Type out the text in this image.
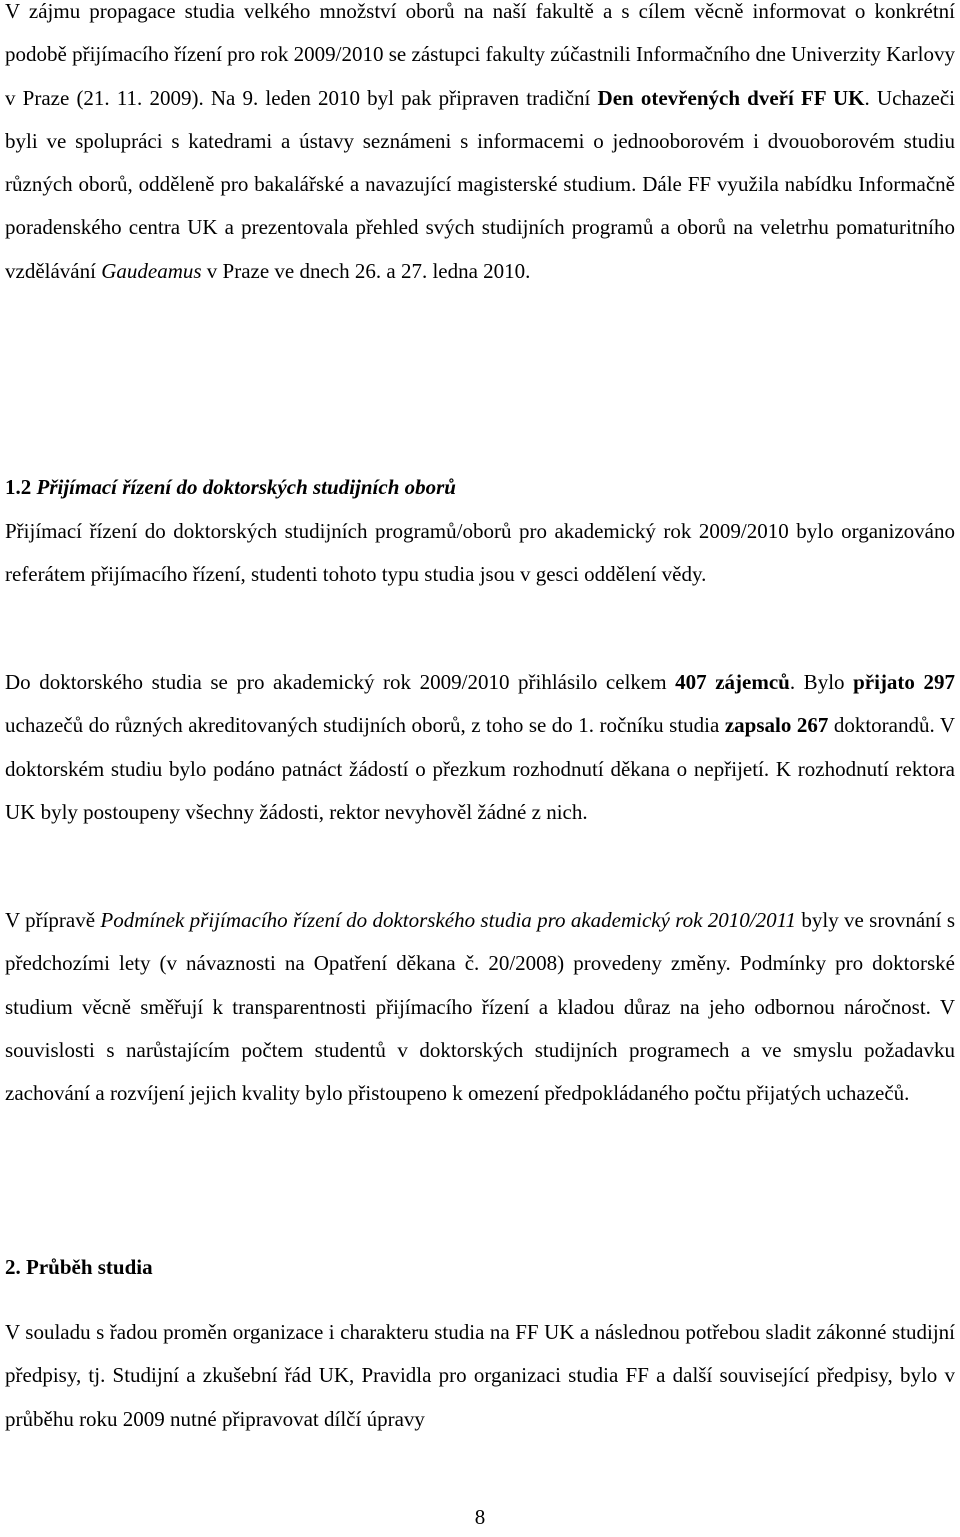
V zájmu propagace studia velkého množství oborů na naší fakultě a s cílem věcně informovat o konkrétní podobě přijímacího řízení pro rok 2009/2010 se zástupci fakulty zúčastnili Informačního dne Univerzity Karlovy v Praze (21. 11. 2009). Na 9. leden 2010 byl pak připraven tradiční Den otevřených dveří FF UK. Uchazeči byli ve spolupráci s katedrami a ústavy seznámeni s informacemi o jednooborovém i dvouoborovém studiu různých oborů, odděleně pro bakalářské a navazující magisterské studium. Dále FF využila nabídku Informačně poradenského centra UK a prezentovala přehled svých studijních programů a oborů na veletrhu pomaturitního vzdělávání Gaudeamus v Praze ve dnech 26. a 27. ledna 2010.

1.2 Přijímací řízení do doktorských studijních oborů

Přijímací řízení do doktorských studijních programů/oborů pro akademický rok 2009/2010 bylo organizováno referátem přijímacího řízení, studenti tohoto typu studia jsou v gesci oddělení vědy.

Do doktorského studia se pro akademický rok 2009/2010 přihlásilo celkem 407 zájemců. Bylo přijato 297 uchazečů do různých akreditovaných studijních oborů, z toho se do 1. ročníku studia zapsalo 267 doktorandů. V doktorském studiu bylo podáno patnáct žádostí o přezkum rozhodnutí děkana o nepřijetí. K rozhodnutí rektora UK byly postoupeny všechny žádosti, rektor nevyhověl žádné z nich.

V přípravě Podmínek přijímacího řízení do doktorského studia pro akademický rok 2010/2011 byly ve srovnání s předchozími lety (v návaznosti na Opatření děkana č. 20/2008) provedeny změny. Podmínky pro doktorské studium věcně směřují k transparentnosti přijímacího řízení a kladou důraz na jeho odbornou náročnost. V souvislosti s narůstajícím počtem studentů v doktorských studijních programech a ve smyslu požadavku zachování a rozvíjení jejich kvality bylo přistoupeno k omezení předpokládaného počtu přijatých uchazečů.

2. Průběh studia

V souladu s řadou proměn organizace i charakteru studia na FF UK a následnou potřebou sladit zákonné studijní předpisy, tj. Studijní a zkušební řád UK, Pravidla pro organizaci studia FF a další související předpisy, bylo v průběhu roku 2009 nutné připravovat dílčí úpravy

8
